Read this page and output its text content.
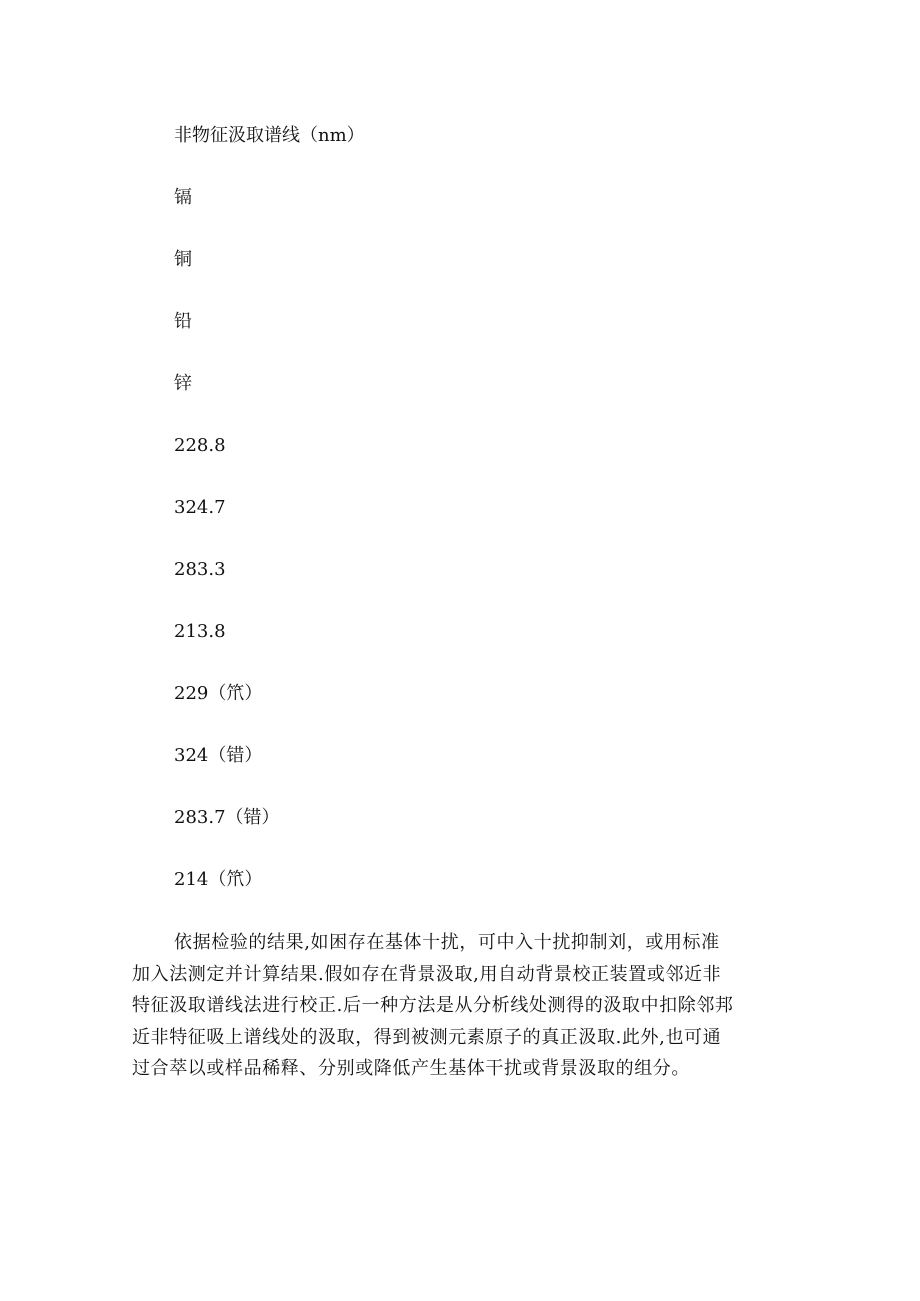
非物征汲取谱线（nm）
镉
铜
铅
锌
228.8
324.7
283.3
213.8
229（笊）
324（错）
283.7（错）
214（笊）

依据检验的结果,如困存在基体十扰，可中入十扰抑制刘，或用标准
加入法测定并计算结果.假如存在背景汲取,用自动背景校正装置或邻近非
特征汲取谱线法进行校正.后一种方法是从分析线处测得的汲取中扣除邻邦
近非特征吸上谱线处的汲取，得到被测元素原子的真正汲取.此外,也可通
过合萃以或样品稀释、分别或降低产生基体干扰或背景汲取的组分。
